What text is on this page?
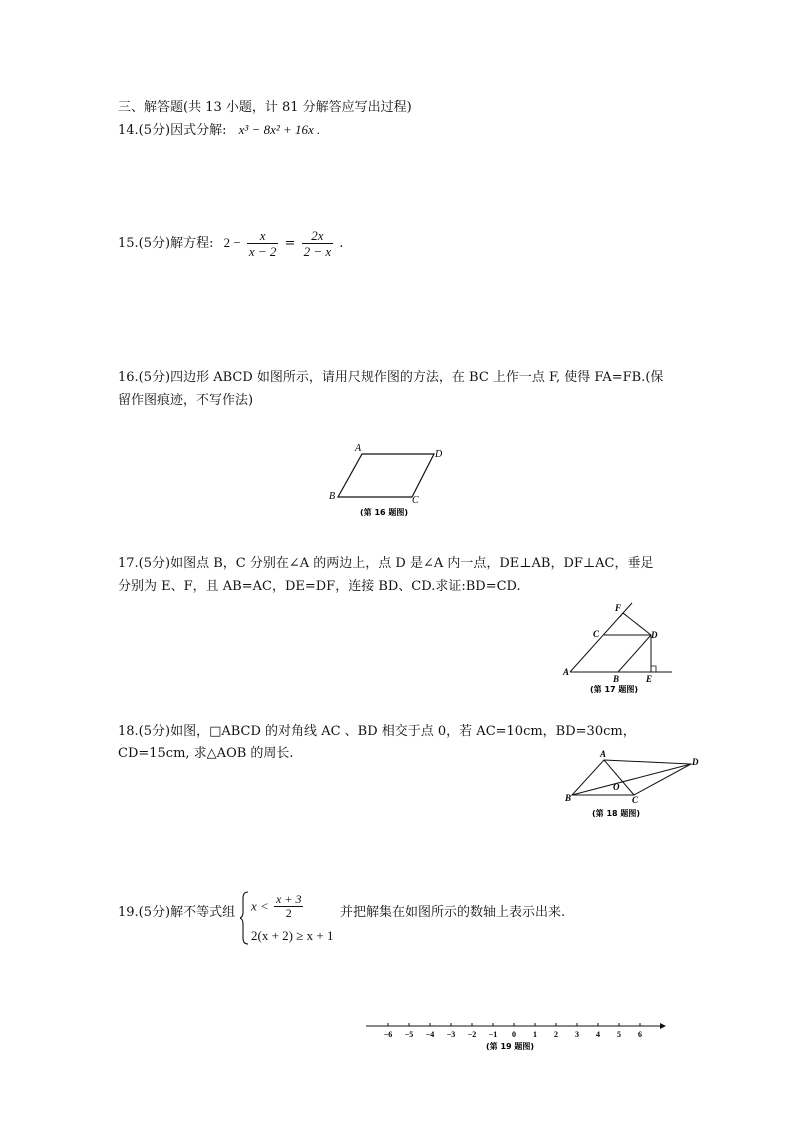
三、解答题(共 13 小题，计 81 分解答应写出过程)
14.(5分)因式分解: x³ − 8x² + 16x .
15.(5分)解方程: $2 - \frac{x}{x - 2} = \frac{2x}{2 - x}$ .
16.(5分)四边形 ABCD 如图所示，请用尺规作图的方法，在 BC 上作一点 F, 使得 FA=FB.(保
留作图痕迹，不写作法)
A
D
B	C
(第 16 题图)
17.(5分)如图点 B，C 分别在∠A 的两边上，点 D 是∠A 内一点，DE⊥AB，DF⊥AC，垂足
分别为 E、F，且 AB=AC，DE=DF，连接 BD、CD.求证:BD=CD.
F
C	D
A
B	E
(第 17 题图)
18.(5分)如图，□ABCD 的对角线 AC 、BD 相交于点 0，若 AC=10cm，BD=30cm，
CD=15cm, 求△AOB 的周长.	A
D
O
B	C
(第 18 题图)
19.(5分)解不等式组 $x < \frac{x + 3}{2}$
2(x + 2) ≥ x + 1
并把解集在如图所示的数轴上表示出来.
−6 −5 −4 −3 −2 −1 0 1 2 3 4 5 6
(第 19 题图)
